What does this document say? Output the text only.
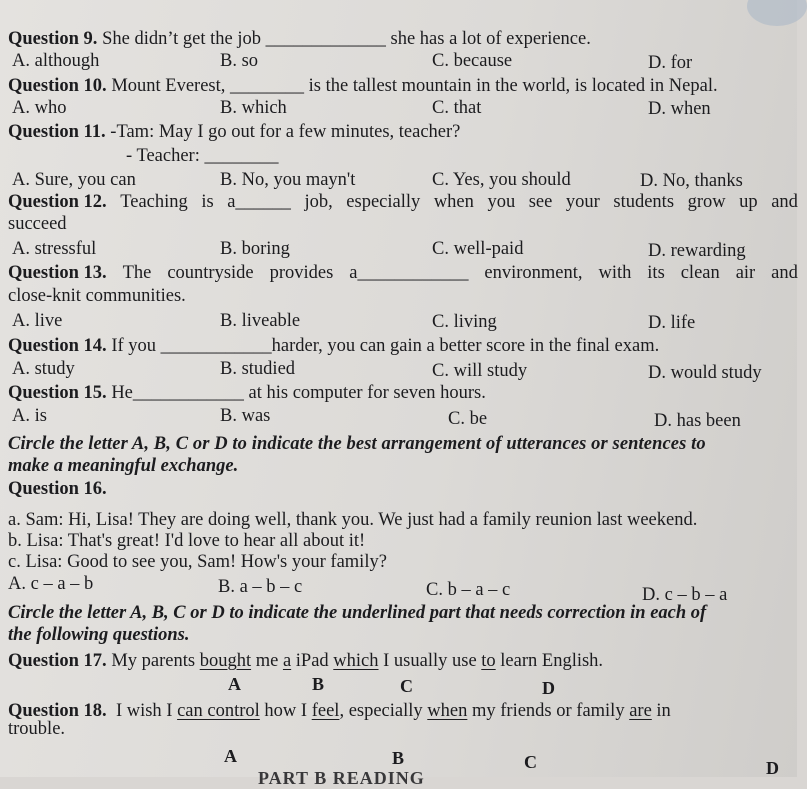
Question 9. She didn’t get the job _____________ she has a lot of experience.
A. although	B. so	C. because	D. for
Question 10. Mount Everest, ________ is the tallest mountain in the world, is located in Nepal.
A. who	B. which	C. that	D. when
Question 11. -Tam: May I go out for a few minutes, teacher?
- Teacher: ________
A. Sure, you can	B. No, you mayn't	C. Yes, you should	D. No, thanks
Question 12. Teaching is a______ job, especially when you see your students grow up and
succeed
A. stressful	B. boring	C. well-paid	D. rewarding
Question 13. The countryside provides a____________ environment, with its clean air and
close-knit communities.
A. live	B. liveable	C. living	D. life
Question 14. If you ____________harder, you can gain a better score in the final exam.
A. study	B. studied	C. will study	D. would study
Question 15. He____________ at his computer for seven hours.
A. is	B. was	C. be	D. has been
Circle the letter A, B, C or D to indicate the best arrangement of utterances or sentences to
make a meaningful exchange.
Question 16.
a. Sam: Hi, Lisa! They are doing well, thank you. We just had a family reunion last weekend.
b. Lisa: That's great! I'd love to hear all about it!
c. Lisa: Good to see you, Sam! How's your family?
A. c – a – b	B. a – b – c	C. b – a – c	D. c – b – a
Circle the letter A, B, C or D to indicate the underlined part that needs correction in each of
the following questions.
Question 17. My parents bought me a iPad which I usually use to learn English.
A	B	C	D
Question 18. I wish I can control how I feel, especially when my friends or family are in
trouble.
A	B	C	D
PART B READING
